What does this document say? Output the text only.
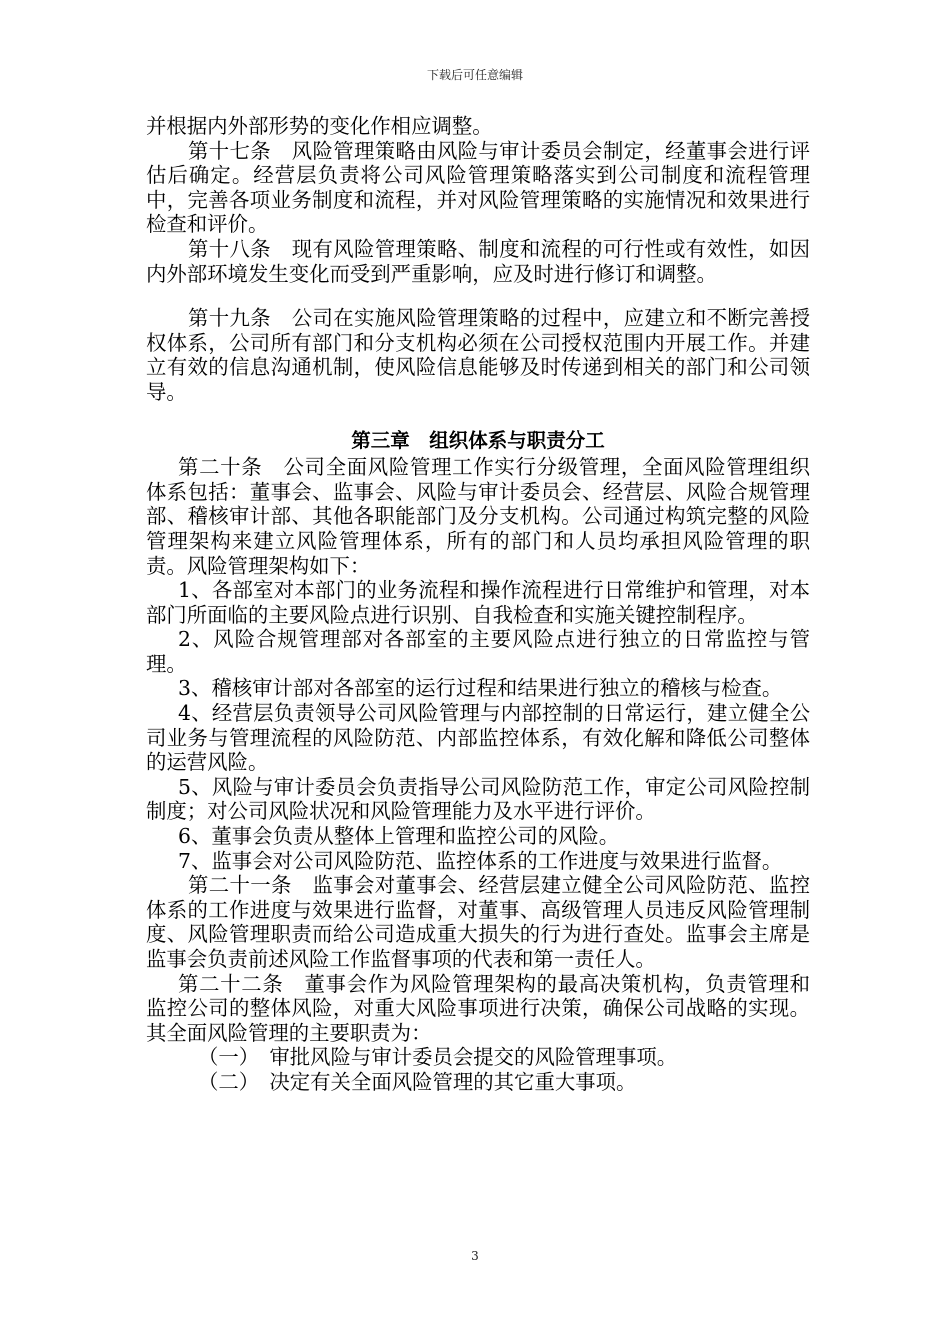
下载后可任意编辑

并根据内外部形势的变化作相应调整。

第十七条　风险管理策略由风险与审计委员会制定，经董事会进行评估后确定。经营层负责将公司风险管理策略落实到公司制度和流程管理中，完善各项业务制度和流程，并对风险管理策略的实施情况和效果进行检查和评价。

第十八条　现有风险管理策略、制度和流程的可行性或有效性，如因内外部环境发生变化而受到严重影响，应及时进行修订和调整。

第十九条　公司在实施风险管理策略的过程中，应建立和不断完善授权体系，公司所有部门和分支机构必须在公司授权范围内开展工作。并建立有效的信息沟通机制，使风险信息能够及时传递到相关的部门和公司领导。

第三章　组织体系与职责分工

第二十条　公司全面风险管理工作实行分级管理，全面风险管理组织体系包括：董事会、监事会、风险与审计委员会、经营层、风险合规管理部、稽核审计部、其他各职能部门及分支机构。公司通过构筑完整的风险管理架构来建立风险管理体系，所有的部门和人员均承担风险管理的职责。风险管理架构如下：

1、各部室对本部门的业务流程和操作流程进行日常维护和管理，对本部门所面临的主要风险点进行识别、自我检查和实施关键控制程序。

2、风险合规管理部对各部室的主要风险点进行独立的日常监控与管理。

3、稽核审计部对各部室的运行过程和结果进行独立的稽核与检查。

4、经营层负责领导公司风险管理与内部控制的日常运行，建立健全公司业务与管理流程的风险防范、内部监控体系，有效化解和降低公司整体的运营风险。

5、风险与审计委员会负责指导公司风险防范工作，审定公司风险控制制度；对公司风险状况和风险管理能力及水平进行评价。

6、董事会负责从整体上管理和监控公司的风险。

7、监事会对公司风险防范、监控体系的工作进度与效果进行监督。

第二十一条　监事会对董事会、经营层建立健全公司风险防范、监控体系的工作进度与效果进行监督，对董事、高级管理人员违反风险管理制度、风险管理职责而给公司造成重大损失的行为进行查处。监事会主席是监事会负责前述风险工作监督事项的代表和第一责任人。

第二十二条　董事会作为风险管理架构的最高决策机构，负责管理和监控公司的整体风险，对重大风险事项进行决策，确保公司战略的实现。其全面风险管理的主要职责为：

（一）　审批风险与审计委员会提交的风险管理事项。

（二）　决定有关全面风险管理的其它重大事项。

3
